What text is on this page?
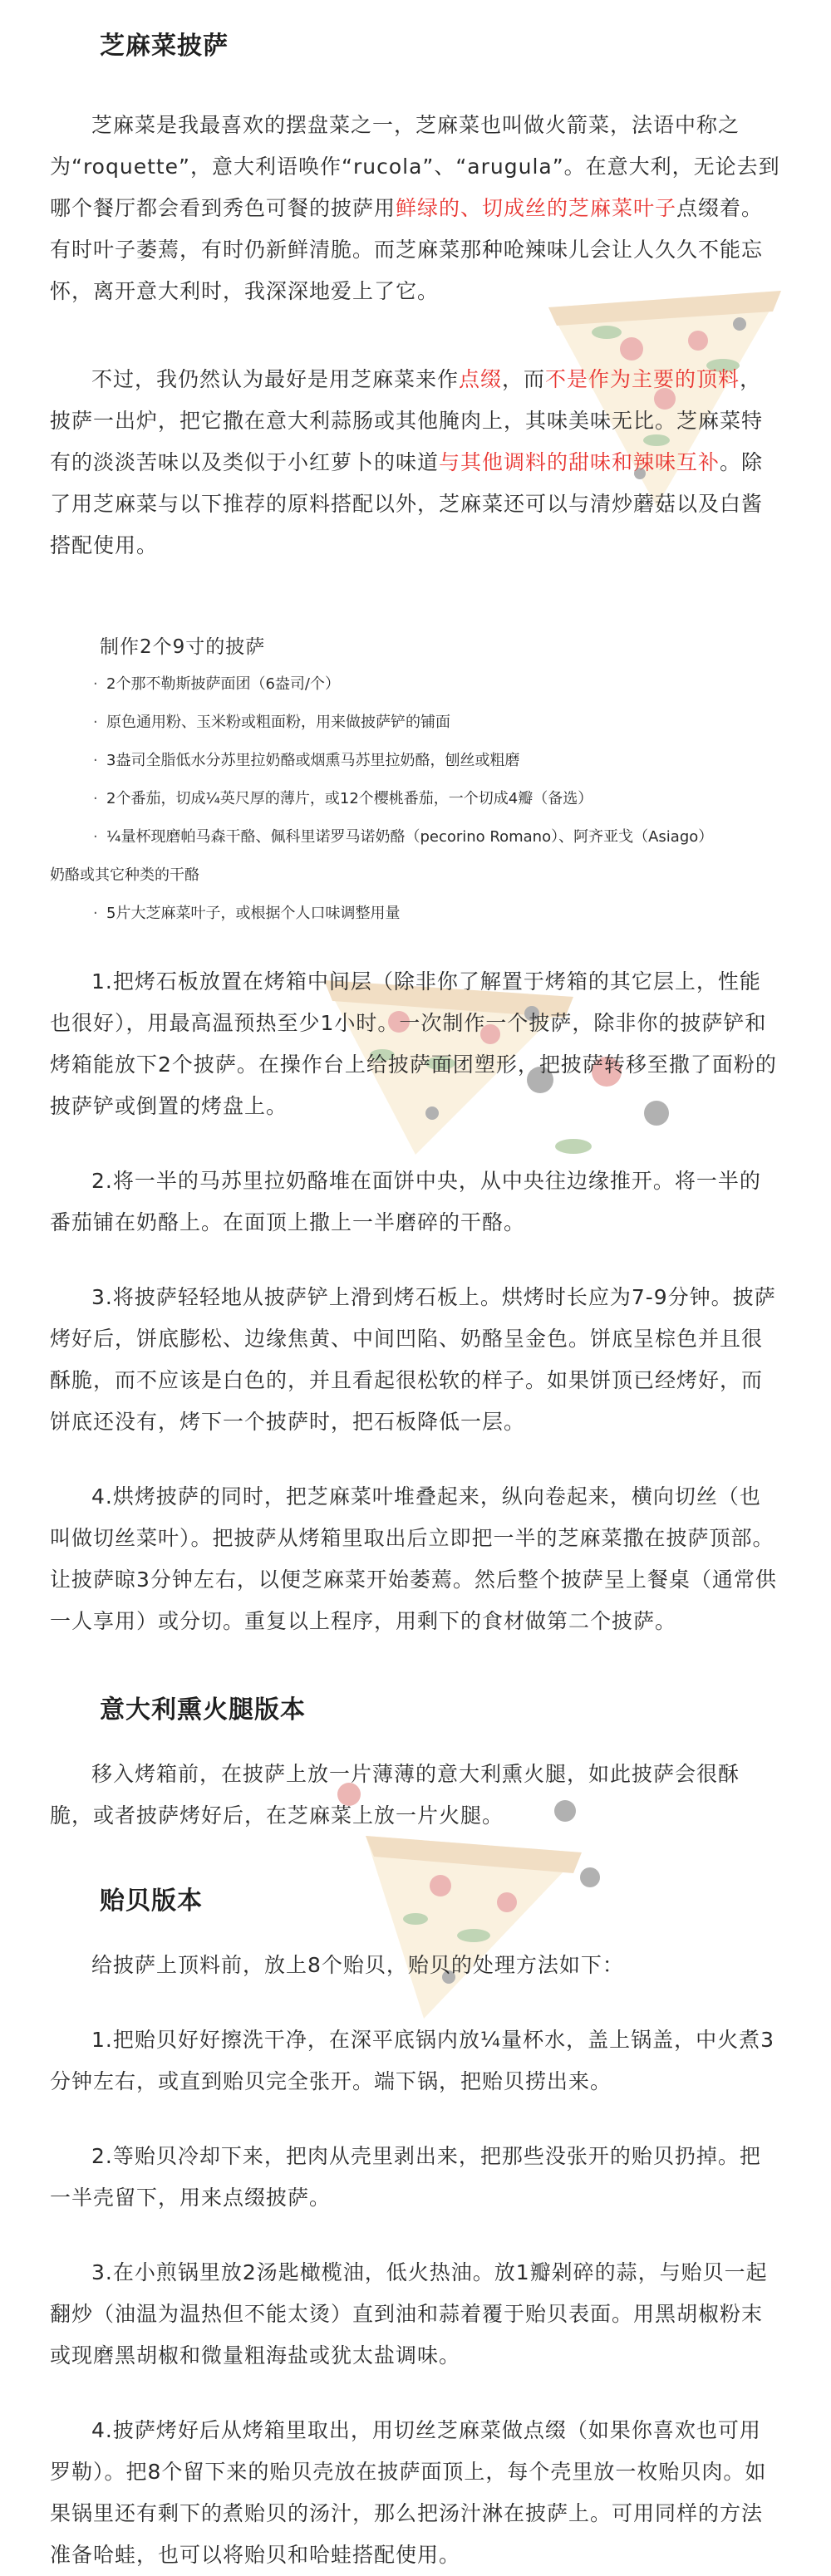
芝麻菜披萨

芝麻菜是我最喜欢的摆盘菜之一，芝麻菜也叫做火箭菜，法语中称之为“roquette”，意大利语唤作“rucola”、“arugula”。在意大利，无论去到哪个餐厅都会看到秀色可餐的披萨用鲜绿的、切成丝的芝麻菜叶子点缀着。有时叶子萎蔫，有时仍新鲜清脆。而芝麻菜那种呛辣味儿会让人久久不能忘怀，离开意大利时，我深深地爱上了它。

不过，我仍然认为最好是用芝麻菜来作点缀，而不是作为主要的顶料，披萨一出炉，把它撒在意大利蒜肠或其他腌肉上，其味美味无比。芝麻菜特有的淡淡苦味以及类似于小红萝卜的味道与其他调料的甜味和辣味互补。除了用芝麻菜与以下推荐的原料搭配以外，芝麻菜还可以与清炒蘑菇以及白酱搭配使用。

制作2个9寸的披萨

· 2个那不勒斯披萨面团（6盎司/个）
· 原色通用粉、玉米粉或粗面粉，用来做披萨铲的铺面
· 3盎司全脂低水分苏里拉奶酪或烟熏马苏里拉奶酪，刨丝或粗磨
· 2个番茄，切成¼英尺厚的薄片，或12个樱桃番茄，一个切成4瓣（备选）
· ¼量杯现磨帕马森干酪、佩科里诺罗马诺奶酪（pecorino Romano）、阿齐亚戈（Asiago）
· 奶酪或其它种类的干酪
· 5片大芝麻菜叶子，或根据个人口味调整用量

1.把烤石板放置在烤箱中间层（除非你了解置于烤箱的其它层上，性能也很好），用最高温预热至少1小时。一次制作一个披萨，除非你的披萨铲和烤箱能放下2个披萨。在操作台上给披萨面团塑形，把披萨转移至撒了面粉的披萨铲或倒置的烤盘上。

2.将一半的马苏里拉奶酪堆在面饼中央，从中央往边缘推开。将一半的番茄铺在奶酪上。在面顶上撒上一半磨碎的干酪。

3.将披萨轻轻地从披萨铲上滑到烤石板上。烘烤时长应为7-9分钟。披萨烤好后，饼底膨松、边缘焦黄、中间凹陷、奶酪呈金色。饼底呈棕色并且很酥脆，而不应该是白色的，并且看起很松软的样子。如果饼顶已经烤好，而饼底还没有，烤下一个披萨时，把石板降低一层。

4.烘烤披萨的同时，把芝麻菜叶堆叠起来，纵向卷起来，横向切丝（也叫做切丝菜叶）。把披萨从烤箱里取出后立即把一半的芝麻菜撒在披萨顶部。让披萨晾3分钟左右，以便芝麻菜开始萎蔫。然后整个披萨呈上餐桌（通常供一人享用）或分切。重复以上程序，用剩下的食材做第二个披萨。

意大利熏火腿版本

移入烤箱前，在披萨上放一片薄薄的意大利熏火腿，如此披萨会很酥脆，或者披萨烤好后，在芝麻菜上放一片火腿。

贻贝版本

给披萨上顶料前，放上8个贻贝，贻贝的处理方法如下：

1.把贻贝好好擦洗干净，在深平底锅内放¼量杯水，盖上锅盖，中火煮3分钟左右，或直到贻贝完全张开。端下锅，把贻贝捞出来。

2.等贻贝冷却下来，把肉从壳里剥出来，把那些没张开的贻贝扔掉。把一半壳留下，用来点缀披萨。

3.在小煎锅里放2汤匙橄榄油，低火热油。放1瓣剁碎的蒜，与贻贝一起翻炒（油温为温热但不能太烫）直到油和蒜着覆于贻贝表面。用黑胡椒粉末或现磨黑胡椒和微量粗海盐或犹太盐调味。

4.披萨烤好后从烤箱里取出，用切丝芝麻菜做点缀（如果你喜欢也可用罗勒）。把8个留下来的贻贝壳放在披萨面顶上，每个壳里放一枚贻贝肉。如果锅里还有剩下的煮贻贝的汤汁，那么把汤汁淋在披萨上。可用同样的方法准备哈蛙，也可以将贻贝和哈蛙搭配使用。
